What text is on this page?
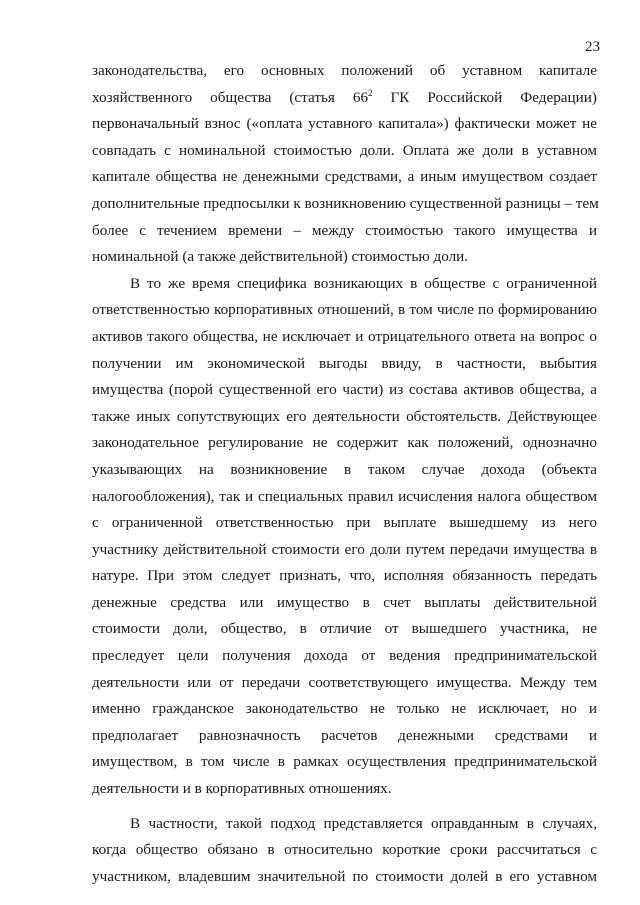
23
законодательства, его основных положений об уставном капитале
хозяйственного общества (статья $66^2$ ГК Российской Федерации)
первоначальный взнос («оплата уставного капитала») фактически может не
совпадать с номинальной стоимостью доли. Оплата же доли в уставном
капитале общества не денежными средствами, а иным имуществом создает
дополнительные предпосылки к возникновению существенной разницы – тем
более с течением времени – между стоимостью такого имущества и
номинальной (а также действительной) стоимостью доли.
В то же время специфика возникающих в обществе с ограниченной
ответственностью корпоративных отношений, в том числе по формированию
активов такого общества, не исключает и отрицательного ответа на вопрос о
получении им экономической выгоды ввиду, в частности, выбытия
имущества (порой существенной его части) из состава активов общества, а
также иных сопутствующих его деятельности обстоятельств. Действующее
законодательное регулирование не содержит как положений, однозначно
указывающих на возникновение в таком случае дохода (объекта
налогообложения), так и специальных правил исчисления налога обществом
с ограниченной ответственностью при выплате вышедшему из него
участнику действительной стоимости его доли путем передачи имущества в
натуре. При этом следует признать, что, исполняя обязанность передать
денежные средства или имущество в счет выплаты действительной
стоимости доли, общество, в отличие от вышедшего участника, не
преследует цели получения дохода от ведения предпринимательской
деятельности или от передачи соответствующего имущества. Между тем
именно гражданское законодательство не только не исключает, но и
предполагает равнозначность расчетов денежными средствами и
имуществом, в том числе в рамках осуществления предпринимательской
деятельности и в корпоративных отношениях.
В частности, такой подход представляется оправданным в случаях,
когда общество обязано в относительно короткие сроки рассчитаться с
участником, владевшим значительной по стоимости долей в его уставном
